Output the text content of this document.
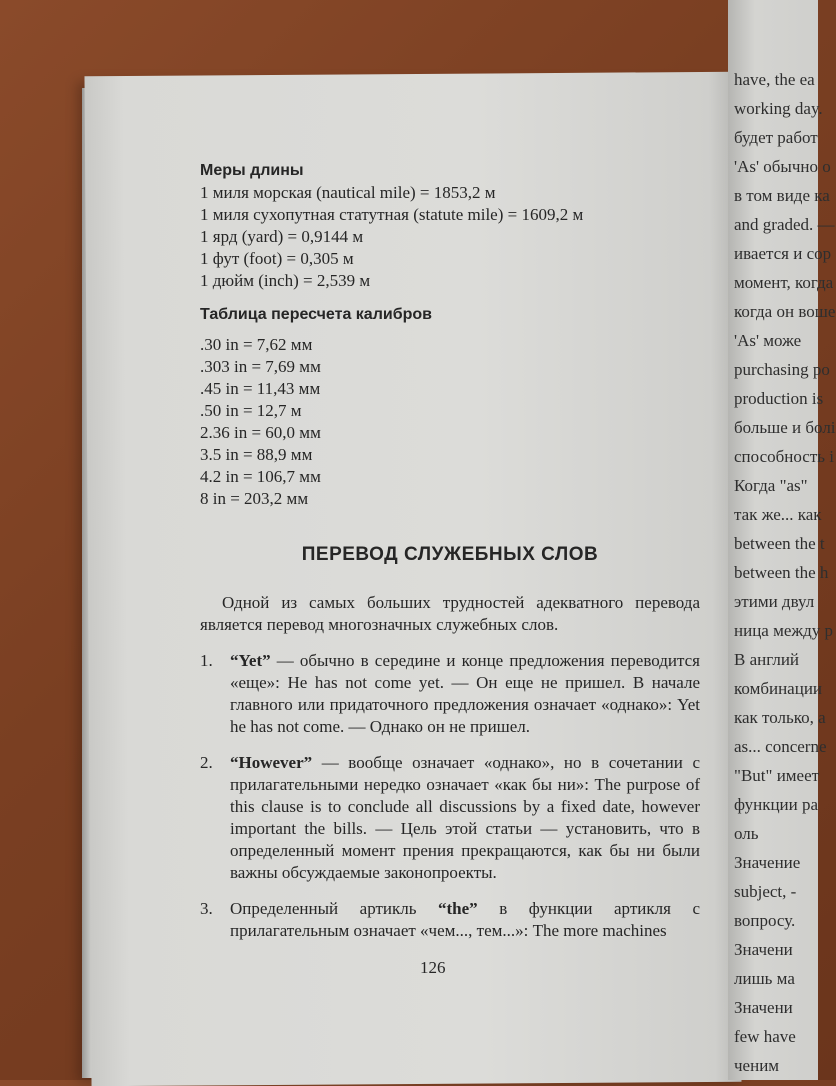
Меры длины

1 миля морская (nautical mile) = 1853,2 м

1 миля сухопутная статутная (statute mile) = 1609,2 м

1 ярд (yard) = 0,9144 м

1 фут (foot) = 0,305 м

1 дюйм (inch) = 2,539 м

Таблица пересчета калибров

.30 in = 7,62 мм

.303 in = 7,69 мм

.45 in = 11,43 мм

.50 in = 12,7 м

2.36 in = 60,0 мм

3.5 in = 88,9 мм

4.2 in = 106,7 мм

8 in = 203,2 мм

ПЕРЕВОД СЛУЖЕБНЫХ СЛОВ

Одной из самых больших трудностей адекватного перевода является перевод многозначных служебных слов.

1. “Yet” — обычно в середине и конце предложения переводится «еще»: He has not come yet. — Он еще не пришел. В начале главного или придаточного предложения означает «однако»: Yet he has not come. — Однако он не пришел.
2. “However” — вообще означает «однако», но в сочетании с прилагательными нередко означает «как бы ни»: The purpose of this clause is to conclude all discussions by a fixed date, however important the bills. — Цель этой статьи — установить, что в определенный момент прения прекращаются, как бы ни были важны обсуждаемые законопроекты.
3. Определенный артикль “the” в функции артикля с прилагательным означает «чем..., тем...»: The more machines
126
have, the ea
working day.
будет работ
'As' обычно о
в том виде ка
and graded. —
ивается и сор
момент, когда
когда он воше
'As' може
purchasing po
production is
больше и болі
способность і
Когда "as"
так же... как
between the t
between the h
этими двул
ница между р
В англий
комбинации
как только, а
as... concerne
"But" имеет
функции ра
оль
Значение
subject, -
вопросу.
Значени
лишь ма
Значени
few have
ченим
